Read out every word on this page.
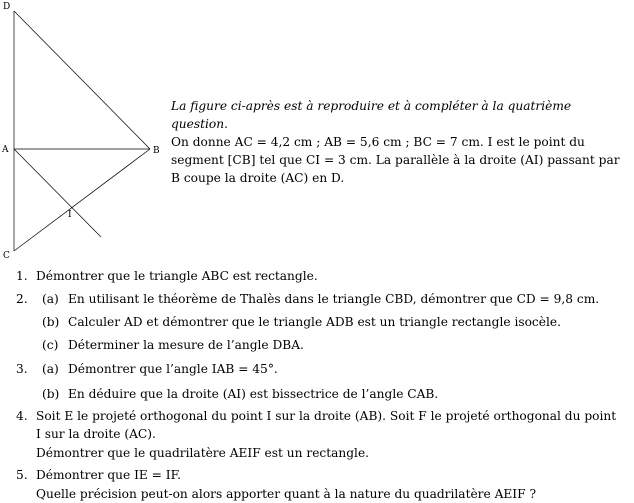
D
A	B
C
I
La figure ci-après est à reproduire et à compléter à la quatrième question.
On donne AC = 4,2 cm ; AB = 5,6 cm ; BC = 7 cm. I est le point du
segment [CB] tel que CI = 3 cm. La parallèle à la droite (AI) passant par
B coupe la droite (AC) en D.
1. Démontrer que le triangle ABC est rectangle.
2. (a) En utilisant le théorème de Thalès dans le triangle CBD, démontrer que CD = 9,8 cm.
(b) Calculer AD et démontrer que le triangle ADB est un triangle rectangle isocèle.
(c) Déterminer la mesure de l’angle DBA.
3. (a) Démontrer que l’angle IAB = 45°.
(b) En déduire que la droite (AI) est bissectrice de l’angle CAB.
4. Soit E le projeté orthogonal du point I sur la droite (AB). Soit F le projeté orthogonal du point
I sur la droite (AC).
Démontrer que le quadrilatère AEIF est un rectangle.
5. Démontrer que IE = IF.
Quelle précision peut-on alors apporter quant à la nature du quadrilatère AEIF ?
